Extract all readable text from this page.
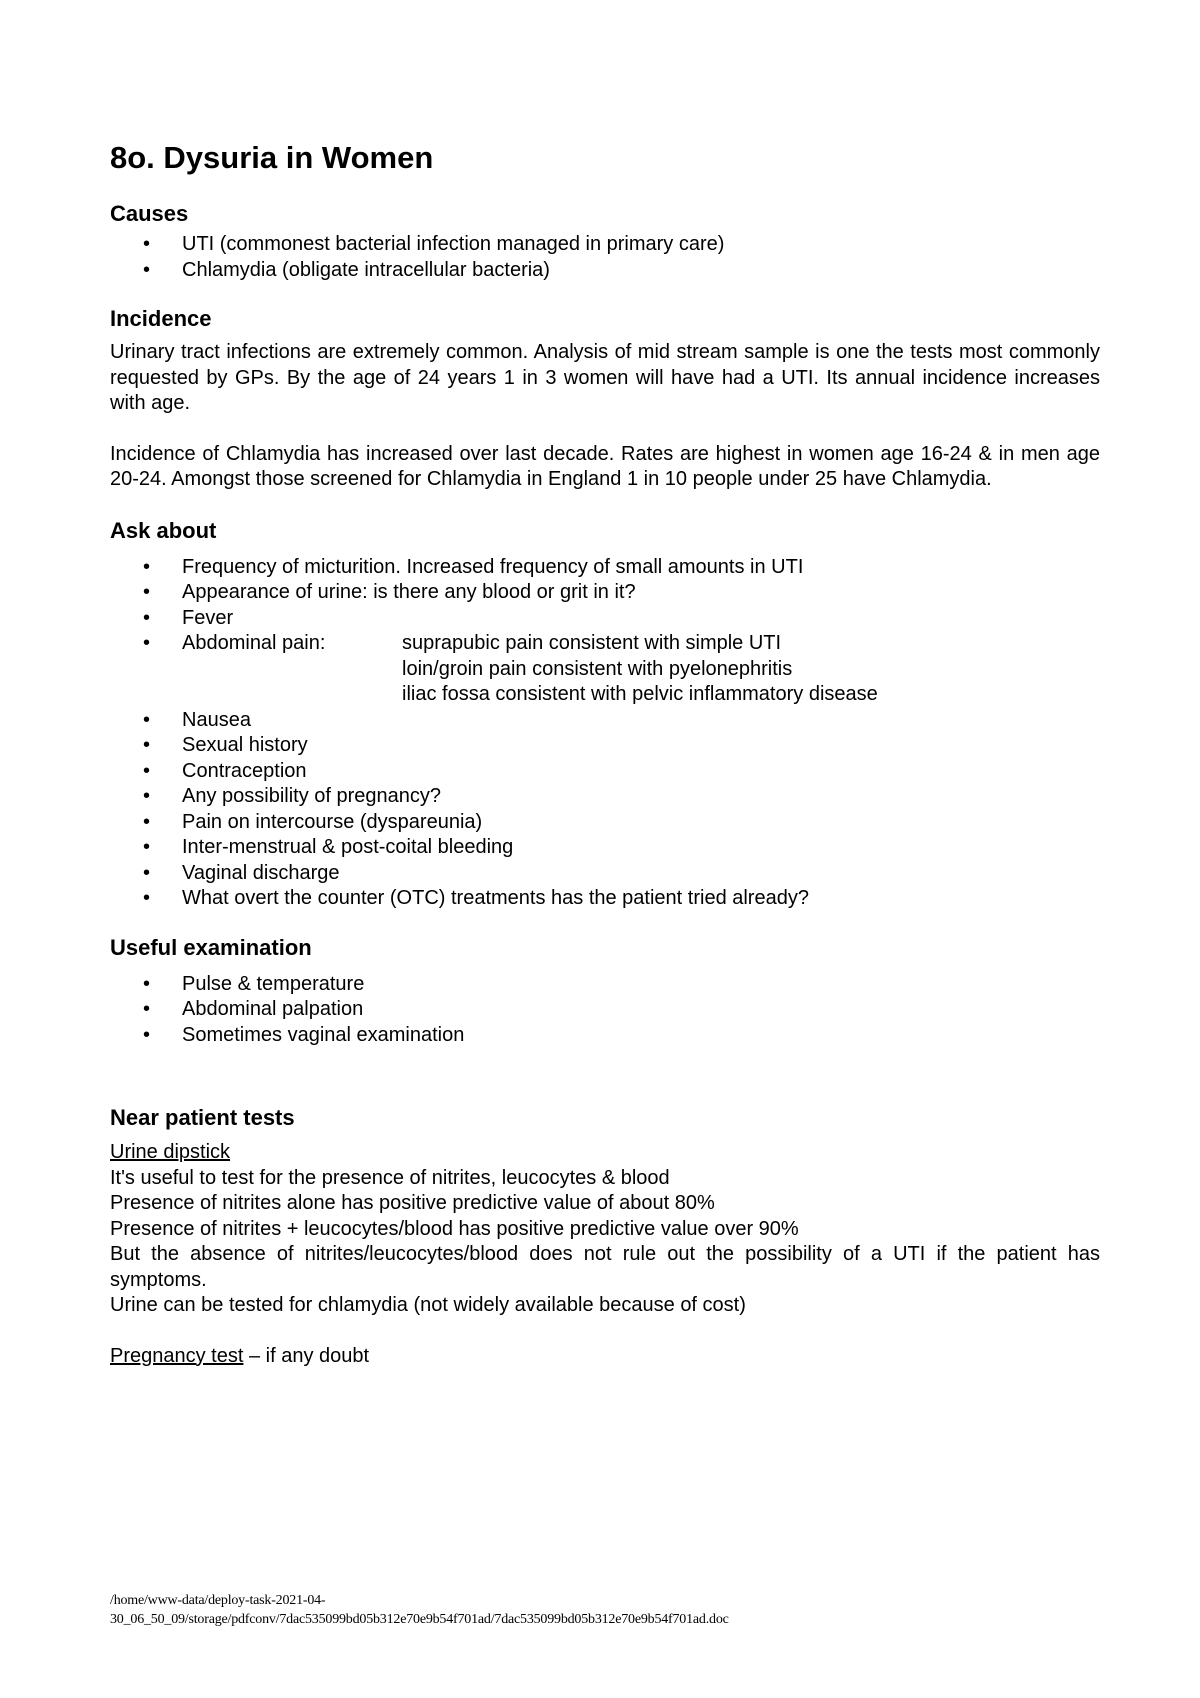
8o. Dysuria in Women
Causes
• UTI (commonest bacterial infection managed in primary care)
• Chlamydia (obligate intracellular bacteria)
Incidence

Urinary tract infections are extremely common. Analysis of mid stream sample is one the tests most commonly requested by GPs. By the age of 24 years 1 in 3 women will have had a UTI. Its annual incidence increases with age.

Incidence of Chlamydia has increased over last decade. Rates are highest in women age 16-24 & in men age 20-24. Amongst those screened for Chlamydia in England 1 in 10 people under 25 have Chlamydia.

Ask about
• Frequency of micturition. Increased frequency of small amounts in UTI
• Appearance of urine: is there any blood or grit in it?
• Fever
• Abdominal pain:	suprapubic pain consistent with simple UTI
loin/groin pain consistent with pyelonephritis
iliac fossa consistent with pelvic inflammatory disease
• Nausea
• Sexual history
• Contraception
• Any possibility of pregnancy?
• Pain on intercourse (dyspareunia)
• Inter-menstrual & post-coital bleeding
• Vaginal discharge
• What overt the counter (OTC) treatments has the patient tried already?
Useful examination
• Pulse & temperature
• Abdominal palpation
• Sometimes vaginal examination
Near patient tests
Urine dipstick

It's useful to test for the presence of nitrites, leucocytes & blood

Presence of nitrites alone has positive predictive value of about 80%

Presence of nitrites + leucocytes/blood has positive predictive value over 90%

But the absence of nitrites/leucocytes/blood does not rule out the possibility of a UTI if the patient has symptoms.

Urine can be tested for chlamydia (not widely available because of cost)

Pregnancy test – if any doubt

/home/www-data/deploy-task-2021-04-
30_06_50_09/storage/pdfconv/7dac535099bd05b312e70e9b54f701ad/7dac535099bd05b312e70e9b54f701ad.doc
